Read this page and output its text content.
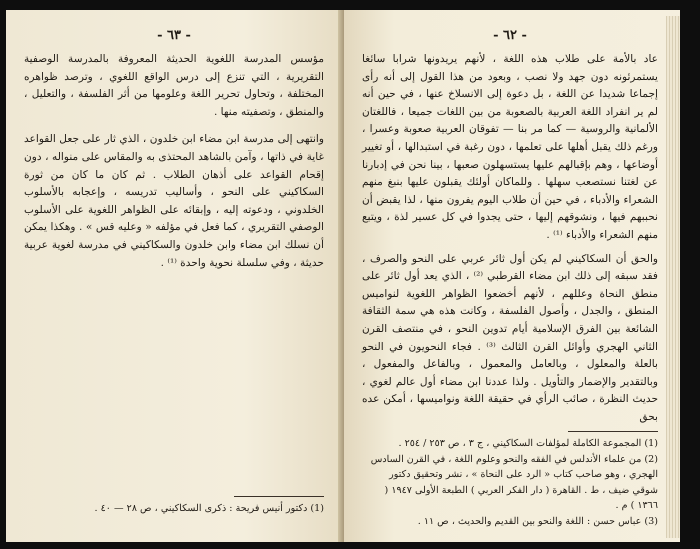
- ٦٣ -

مؤسس المدرسة اللغوية الحديثة المعروفة بالمدرسة الوصفية التقريرية ، التي تنزع إلى درس الواقع اللغوي ، وترصد ظواهره المختلفة ، وتحاول تحرير اللغة وعلومها من أثر الفلسفة ، والتعليل ، والمنطق ، وتصفيته منها .

وانتهى إلى مدرسة ابن مضاء ابن خلدون ، الذي ثار على جعل القواعد غاية في ذاتها ، وآمن بالشاهد المحتذى به والمقاس على منواله ، دون إقحام القواعد على أذهان الطلاب . ثم كان ما كان من ثورة السكاكيني على النحو ، وأساليب تدريسه ، وإعجابه بالأسلوب الخلدوني ، ودعوته إليه ، وإبقائه على الظواهر اللغوية على الأسلوب الوصفي التقريري ، كما فعل في مؤلفه « وعليه قس » . وهكذا يمكن أن نسلك ابن مضاء وابن خلدون والسكاكيني في مدرسة لغوية عربية حديثة ، وفي سلسلة نحوية واحدة ⁽¹⁾ .

(1) دكتور أنيس فريحة : ذكرى السكاكيني ، ص ٢٨ — ٤٠ .
- ٦٢ -

عاد بالأمة على طلاب هذه اللغة ، لأنهم يريدونها شرابا سائغا يستمرئونه دون جهد ولا نصب ، وبعود من هذا القول إلى أنه رأى إجماعا شديدا عن اللغة ، بل دعوة إلى الانسلاخ عنها ، في حين أنه لم ير انفراد اللغة العربية بالصعوبة من بين اللغات جميعا ، فاللغتان الألمانية والروسية — كما مر بنا — تفوقان العربية صعوبة وعسرا ، ورغم ذلك يقبل أهلها على تعلمها ، دون رغبة في استبدالها ، أو تغيير أوضاعها ، وهم بإقبالهم عليها يستسهلون صعبها ، بينا نحن في إدبارنا عن لغتنا نستصعب سهلها . وللماكان أولئك يقبلون عليها بنبغ منهم الشعراء والأدباء ، في حين أن طلاب اليوم يفرون منها ، لذا يقبض أن نحببهم فيها ، ونشوقهم إليها ، حتى يجدوا في كل عسير لذة ، ويتبع منهم الشعراء والأدباء ⁽¹⁾ .

والحق أن السكاكيني لم يكن أول ثائر عربي على النحو والصرف ، فقد سبقه إلى ذلك ابن مضاء القرطبي ⁽²⁾ ، الذي يعد أول ثائر على منطق النحاة وعللهم ، لأنهم أخضعوا الظواهر اللغوية لنواميس المنطق ، والجدل ، وأصول الفلسفة ، وكانت هذه هي سمة الثقافة الشائعة بين الفرق الإسلامية أيام تدوين النحو ، في منتصف القرن الثاني الهجري وأوائل القرن الثالث ⁽³⁾ . فجاء النحويون في النحو بالعلة والمعلول ، وبالعامل والمعمول ، وبالفاعل والمفعول ، وبالتقدير والإضمار والتأويل . ولذا عددنا ابن مضاء أول عالم لغوي ، حديث النظرة ، صائب الرأي في حقيقة اللغة ونواميسها ، أمكن عده بحق

(1) المجموعة الكاملة لمؤلفات السكاكيني ، ج ٣ ، ص ٢٥٣ / ٢٥٤ .
(2) من علماء الأندلس في الفقه والنحو وعلوم اللغة ، في القرن السادس الهجري ، وهو صاحب كتاب « الرد على النحاة » ، نشر وتحقيق دكتور شوقي ضيف ، ط . القاهرة ( دار الفكر العربي ) الطبعة الأولى ١٩٤٧ ( ١٣٦٦ ) م .
(3) عباس حسن : اللغة والنحو بين القديم والحديث ، ص ١١ .
